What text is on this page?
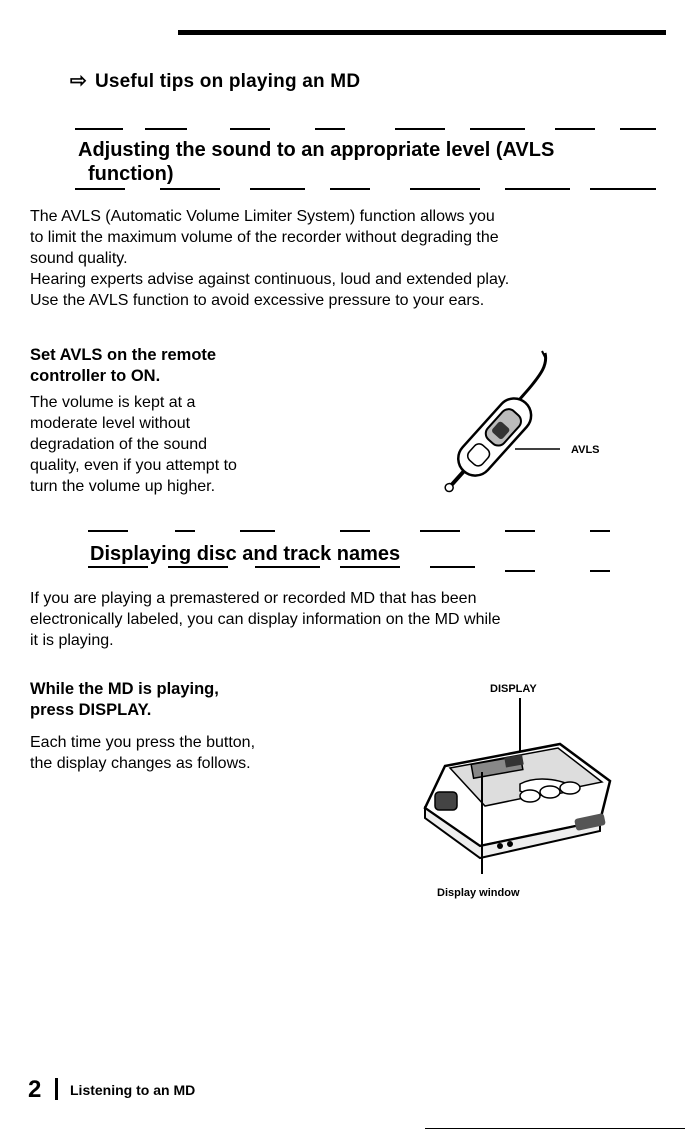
⇨ Useful tips on playing an MD
Adjusting the sound to an appropriate level (AVLS
function)
The AVLS (Automatic Volume Limiter System) function allows you
to limit the maximum volume of the recorder without degrading the
sound quality.
Hearing experts advise against continuous, loud and extended play.
Use the AVLS function to avoid excessive pressure to your ears.
Set AVLS on the remote
controller to ON.
The volume is kept at a
moderate level without
degradation of the sound
quality, even if you attempt to
turn the volume up higher.
AVLS
Displaying disc and track names
If you are playing a premastered or recorded MD that has been
electronically labeled, you can display information on the MD while
it is playing.
While the MD is playing,
press DISPLAY.
Each time you press the button,
the display changes as follows.
DISPLAY
Display window
2 Listening to an MD
